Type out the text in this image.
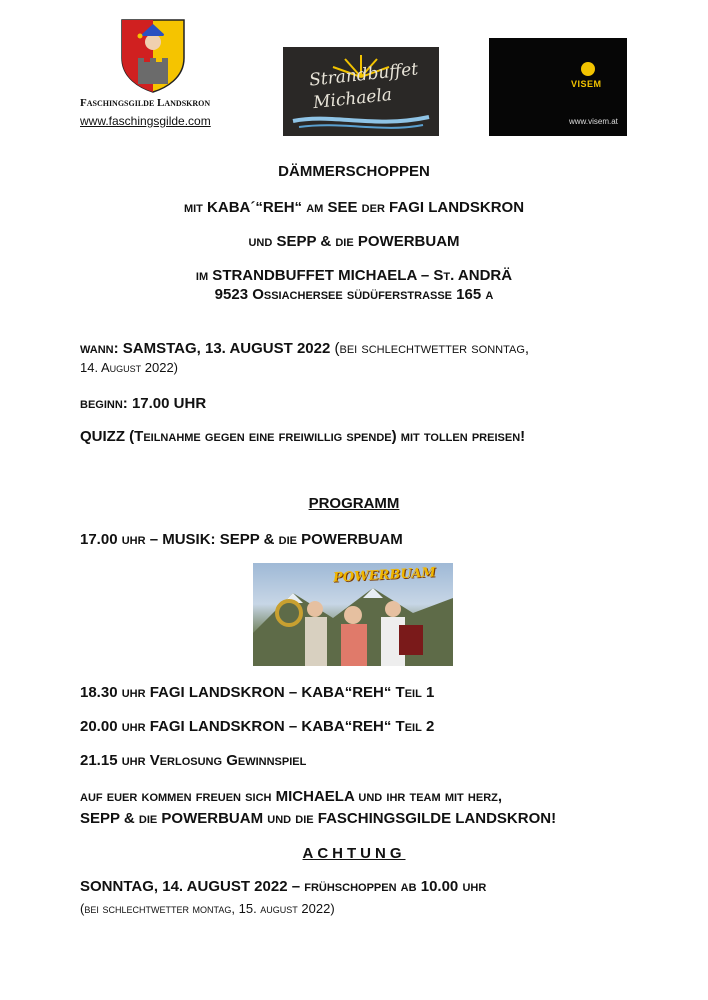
Faschingsgilde Landskron
www.faschingsgilde.com
Strandbuffet
Michaela
VISEM
www.visem.at
DÄMMERSCHOPPEN
mit KABA´“REH“ am SEE der FAGI LANDSKRON
und SEPP & die POWERBUAM
im STRANDBUFFET MICHAELA – St. ANDRÄ
9523 Ossiachersee südüferstrasse 165 a
wann: SAMSTAG, 13. AUGUST 2022 (bei schlechtwetter sonntag,
14. August 2022)
beginn: 17.00 UHR
QUIZZ (Teilnahme gegen eine freiwillig spende) mit tollen preisen!
PROGRAMM
17.00 uhr – MUSIK: SEPP & die POWERBUAM
POWERBUAM
18.30 uhr FAGI LANDSKRON – KABA“REH“ Teil 1
20.00 uhr FAGI LANDSKRON – KABA“REH“ Teil 2
21.15 uhr Verlosung Gewinnspiel
auf euer kommen freuen sich MICHAELA und ihr team mit herz,
SEPP & die POWERBUAM und die FASCHINGSGILDE LANDSKRON!
ACHTUNG
SONNTAG, 14. AUGUST 2022 – frühschoppen ab 10.00 uhr
(bei schlechtwetter montag, 15. august 2022)
